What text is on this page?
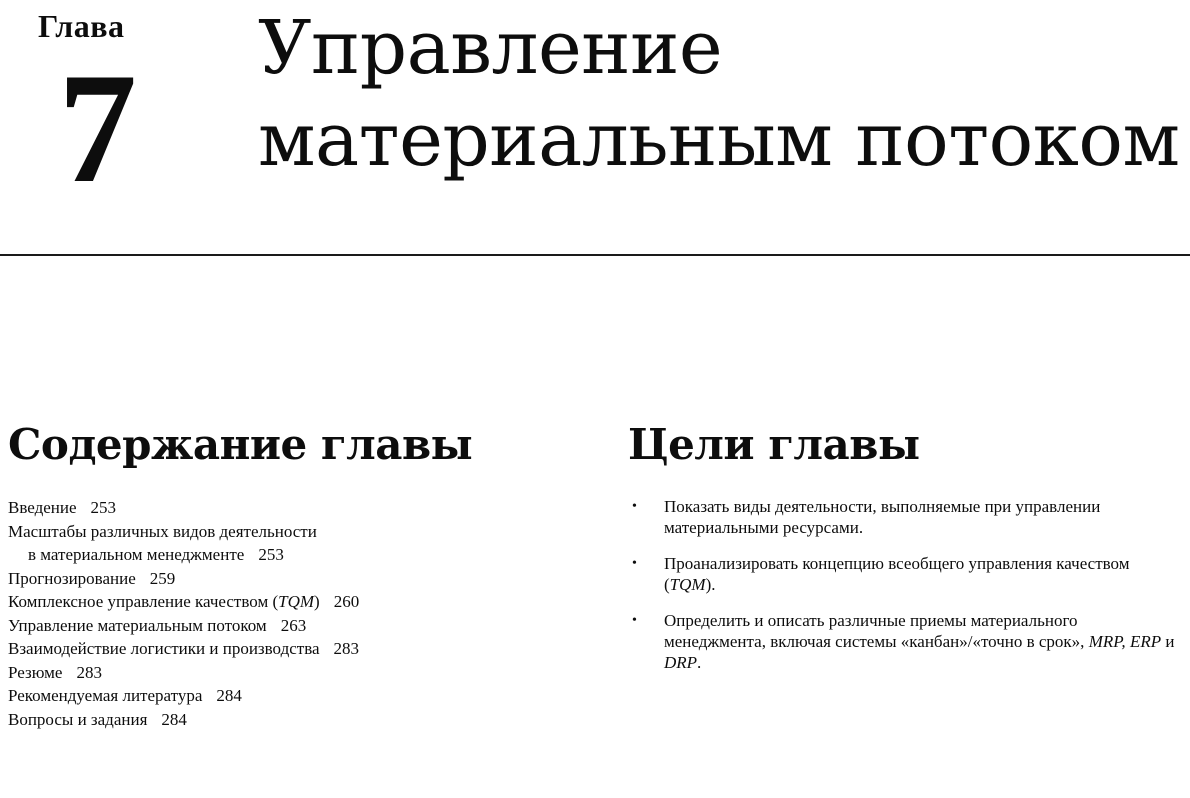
Глава
7 Управление
материальным потоком
Содержание главы
Введение 253
Масштабы различных видов деятельности
в материальном менеджменте 253
Прогнозирование 259
Комплексное управление качеством (TQM) 260
Управление материальным потоком 263
Взаимодействие логистики и производства 283
Резюме 283
Рекомендуемая литература 284
Вопросы и задания 284
Цели главы
• Показать виды деятельности, выполняемые при управлении материальными ресурсами.
• Проанализировать концепцию всеобщего управления качеством (TQM).
• Определить и описать различные приемы материального менеджмента, включая системы «канбан»/«точно в срок», MRP, ERP и DRP.
